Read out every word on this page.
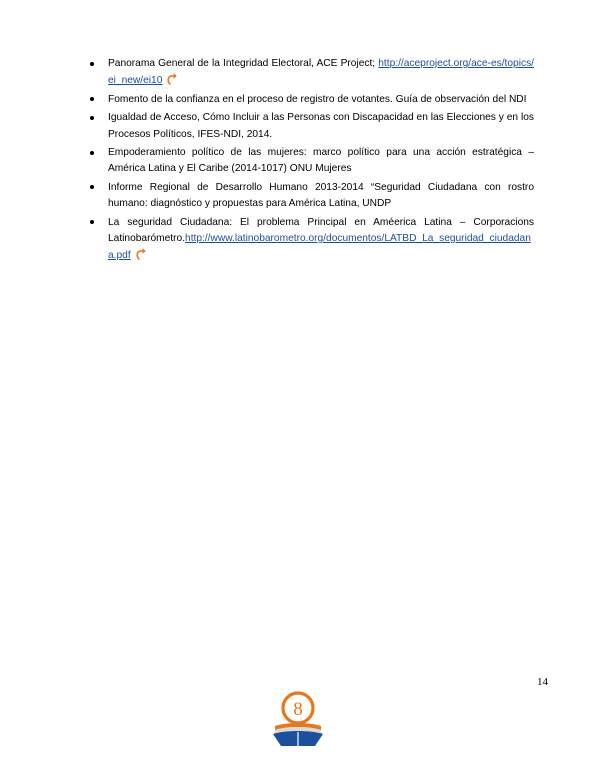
Panorama General de la Integridad Electoral, ACE Project; http://aceproject.org/ace-es/topics/ei_new/ei10
Fomento de la confianza en el proceso de registro de votantes. Guía de observación del NDI
Igualdad de Acceso, Cómo Incluir a las Personas con Discapacidad en las Elecciones y en los Procesos Políticos, IFES-NDI, 2014.
Empoderamiento político de las mujeres: marco político para una acción estratégica – América Latina y El Caribe (2014-1017) ONU Mujeres
Informe Regional de Desarrollo Humano 2013-2014 “Seguridad Ciudadana con rostro humano: diagnóstico y propuestas para América Latina, UNDP
La seguridad Ciudadana: El problema Principal en Améerica Latina – Corporacions Latinobarómetro.http://www.latinobarometro.org/documentos/LATBD_La_seguridad_ciudadana.pdf
14
8
